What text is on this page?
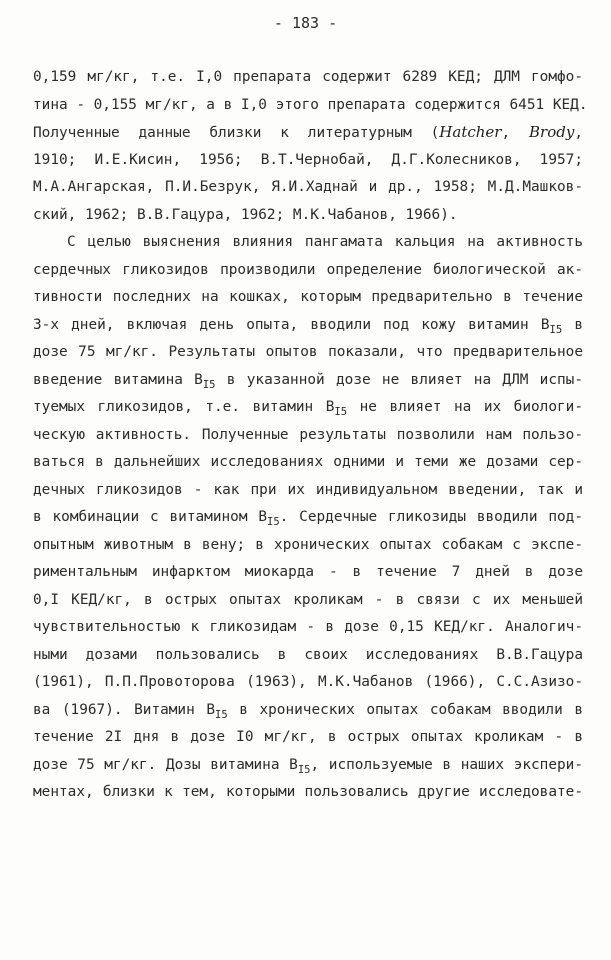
- 183 -
0,159 мг/кг, т.е. I,0 препарата содержит 6289 КЕД; ДЛМ гомфо-
тина - 0,155 мг/кг, а в I,0 этого препарата содержится 6451 КЕД.
Полученные данные близки к литературным (Hatcher, Brody,
1910; И.Е.Кисин, 1956; В.Т.Чернобай, Д.Г.Колесников, 1957;
М.А.Ангарская, П.И.Безрук, Я.И.Хаднай и др., 1958; М.Д.Машков-
ский, 1962; В.В.Гацура, 1962; М.К.Чабанов, 1966).
С целью выяснения влияния пангамата кальция на активность
сердечных гликозидов производили определение биологической ак-
тивности последних на кошках, которым предварительно в течение
3-х дней, включая день опыта, вводили под кожу витамин $B_{I5}$ в
дозе 75 мг/кг. Результаты опытов показали, что предварительное
введение витамина $B_{I5}$ в указанной дозе не влияет на ДЛМ испы-
туемых гликозидов, т.е. витамин $B_{I5}$ не влияет на их биологи-
ческую активность. Полученные результаты позволили нам пользо-
ваться в дальнейших исследованиях одними и теми же дозами сер-
дечных гликозидов - как при их индивидуальном введении, так и
в комбинации с витамином $B_{I5}$. Сердечные гликозиды вводили под-
опытным животным в вену; в хронических опытах собакам с экспе-
риментальным инфарктом миокарда - в течение 7 дней в дозе
0,I КЕД/кг, в острых опытах кроликам - в связи с их меньшей
чувствительностью к гликозидам - в дозе 0,15 КЕД/кг. Аналогич-
ными дозами пользовались в своих исследованиях В.В.Гацура
(1961), П.П.Провоторова (1963), М.К.Чабанов (1966), С.С.Азизо-
ва (1967). Витамин $B_{I5}$ в хронических опытах собакам вводили в
течение 2I дня в дозе I0 мг/кг, в острых опытах кроликам - в
дозе 75 мг/кг. Дозы витамина $B_{I5}$, используемые в наших экспери-
ментах, близки к тем, которыми пользовались другие исследовате-
